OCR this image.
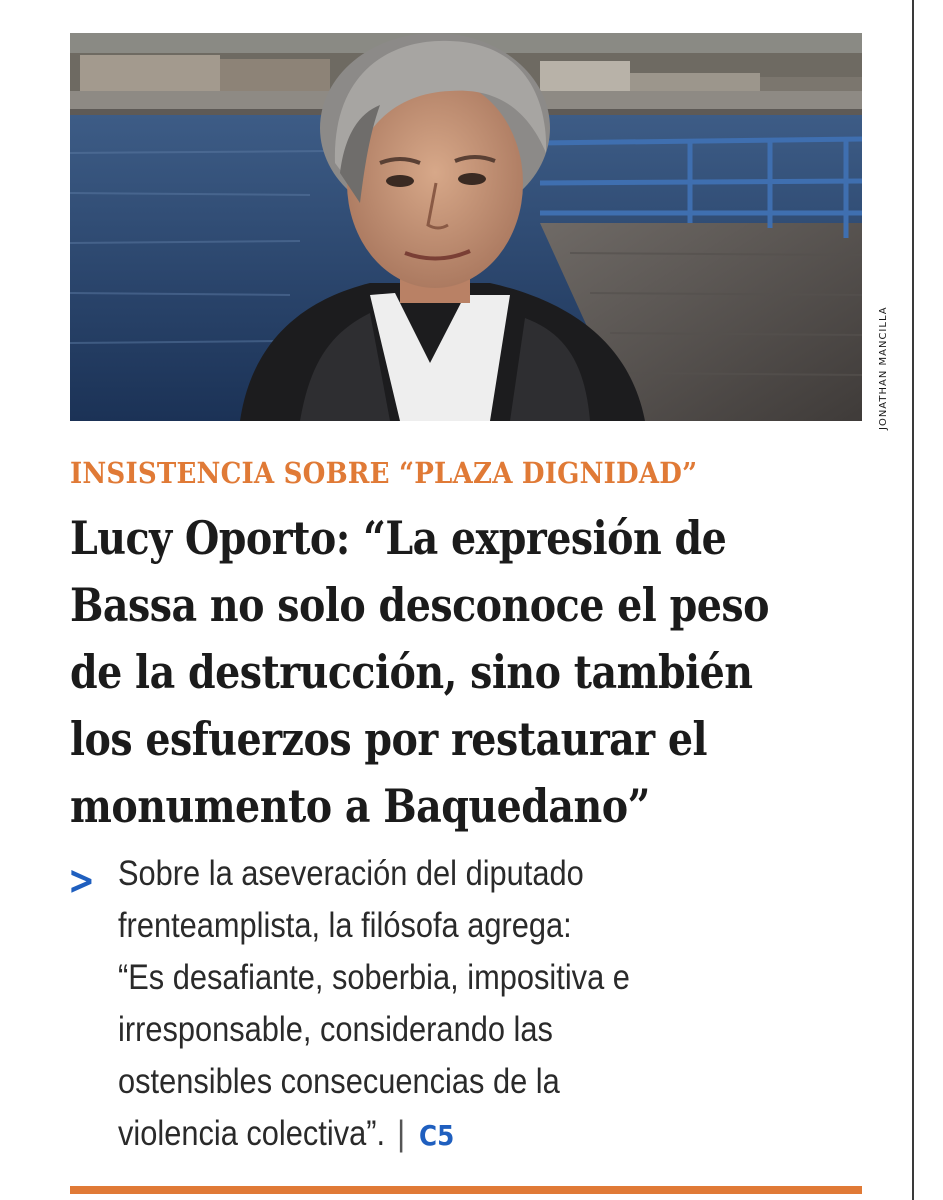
JONATHAN MANCILLA
INSISTENCIA SOBRE “PLAZA DIGNIDAD”
Lucy Oporto: “La expresión de
Bassa no solo desconoce el peso
de la destrucción, sino también
los esfuerzos por restaurar el
monumento a Baquedano”
> Sobre la aseveración del diputado
frenteamplista, la filósofa agrega:
“Es desafiante, soberbia, impositiva e
irresponsable, considerando las
ostensibles consecuencias de la
violencia colectiva”. | C5
